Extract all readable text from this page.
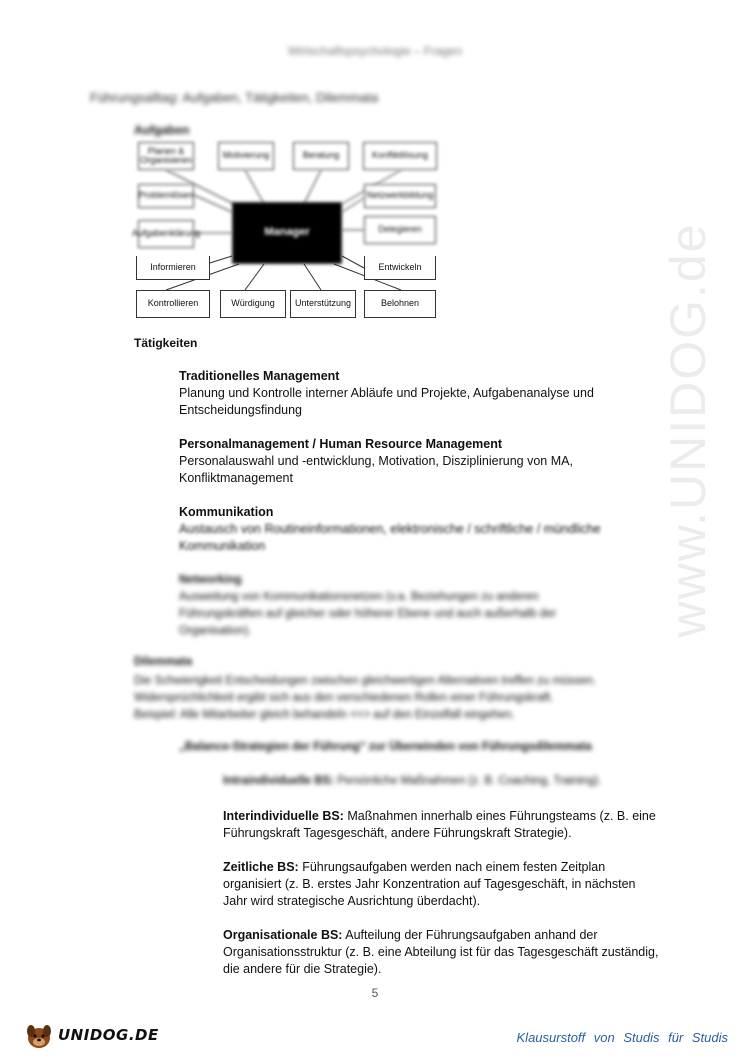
Wirtschaftspsychologie – Fragen
Führungsalltag: Aufgaben, Tätigkeiten, Dilemmata
Aufgaben
Planen & Organisieren	Motivierung	Beratung	Konfliktlösung
Problemlösen	Netzwerkbildung
Aufgabenklärung	Delegieren
Manager
Informieren	Entwickeln
Kontrollieren	Würdigung	Unterstützung	Belohnen
Tätigkeiten
Traditionelles Management
Planung und Kontrolle interner Abläufe und Projekte, Aufgabenanalyse und Entscheidungsfindung
Personalmanagement / Human Resource Management
Personalauswahl und -entwicklung, Motivation, Disziplinierung von MA, Konfliktmanagement
Kommunikation
Austausch von Routineinformationen, elektronische / schriftliche / mündliche Kommunikation
Networking
Ausweitung von Kommunikationsnetzen (v.a. Beziehungen zu anderen Führungskräften auf gleicher oder höherer Ebene und auch außerhalb der Organisation).
Dilemmata
Die Schwierigkeit Entscheidungen zwischen gleichwertigen Alternativen treffen zu müssen.
Widersprüchlichkeit ergibt sich aus den verschiedenen Rollen einer Führungskraft.
Beispiel: Alle Mitarbeiter gleich behandeln <=> auf den Einzelfall eingehen.
„Balance-Strategien der Führung“ zur Überwinden von Führungsdilemmata
Intraindividuelle BS: Persönliche Maßnahmen (z. B. Coaching, Training).
Interindividuelle BS: Maßnahmen innerhalb eines Führungsteams (z. B. eine Führungskraft Tagesgeschäft, andere Führungskraft Strategie).
Zeitliche BS: Führungsaufgaben werden nach einem festen Zeitplan organisiert (z. B. erstes Jahr Konzentration auf Tagesgeschäft, in nächsten Jahr wird strategische Ausrichtung überdacht).
Organisationale BS: Aufteilung der Führungsaufgaben anhand der Organisationsstruktur (z. B. eine Abteilung ist für das Tagesgeschäft zuständig, die andere für die Strategie).
5
www.UNIDOG.de
UNIDOG.DE	Klausurstoff von Studis für Studis
